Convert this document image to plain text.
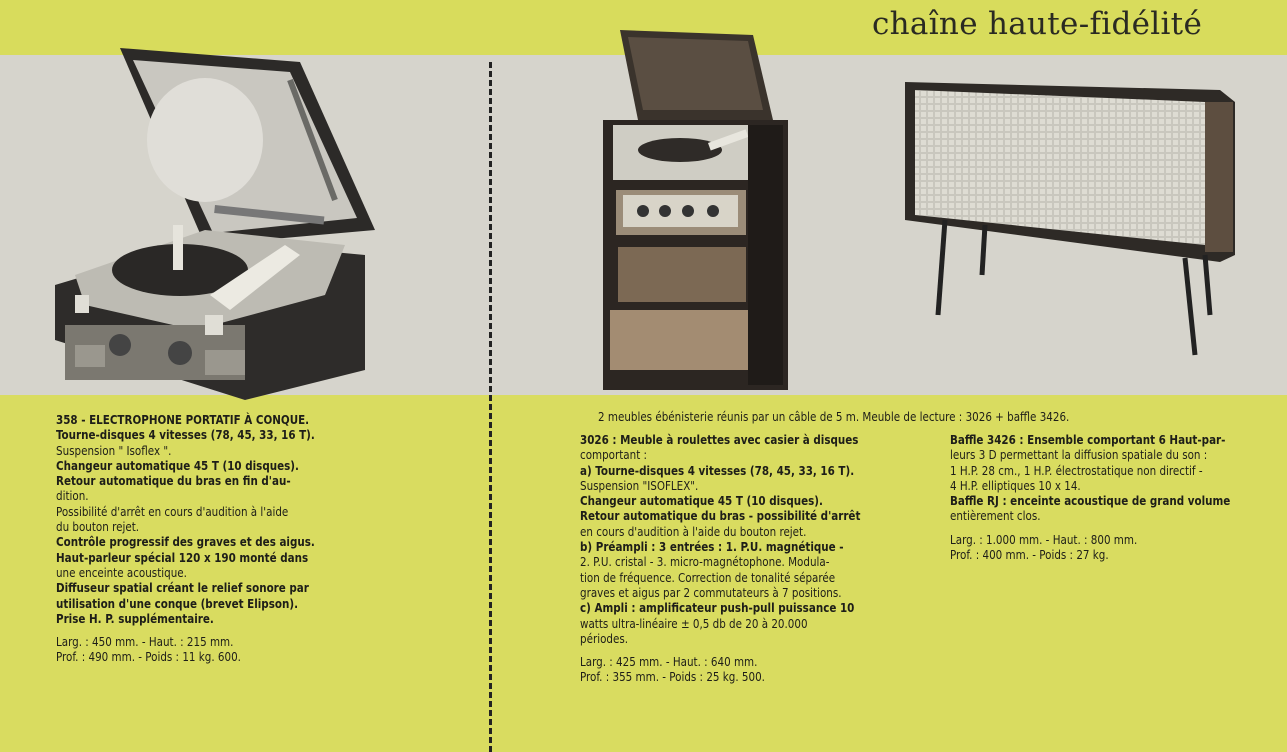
chaîne haute-fidélité

358 - ELECTROPHONE PORTATIF À CONQUE.

Tourne-disques 4 vitesses (78, 45, 33, 16 T).

Suspension " Isoflex ".

Changeur automatique 45 T (10 disques).

Retour automatique du bras en fin d'au-

dition.

Possibilité d'arrêt en cours d'audition à l'aide

du bouton rejet.

Contrôle progressif des graves et des aigus.

Haut-parleur spécial 120 x 190 monté dans

une enceinte acoustique.

Diffuseur spatial créant le relief sonore par

utilisation d'une conque (brevet Elipson).

Prise H. P. supplémentaire.

Larg. : 450 mm. - Haut. : 215 mm.

Prof. : 490 mm. - Poids : 11 kg. 600.

2 meubles ébénisterie réunis par un câble de 5 m. Meuble de lecture : 3026 + baffle 3426.

3026 : Meuble à roulettes avec casier à disques

comportant :

a) Tourne-disques 4 vitesses (78, 45, 33, 16 T).

Suspension "ISOFLEX".

Changeur automatique 45 T (10 disques).

Retour automatique du bras - possibilité d'arrêt

en cours d'audition à l'aide du bouton rejet.

b) Préampli : 3 entrées : 1. P.U. magnétique -

2. P.U. cristal - 3. micro-magnétophone. Modula-

tion de fréquence. Correction de tonalité séparée

graves et aigus par 2 commutateurs à 7 positions.

c) Ampli : amplificateur push-pull puissance 10

watts ultra-linéaire ± 0,5 db de 20 à 20.000

périodes.

Larg. : 425 mm. - Haut. : 640 mm.

Prof. : 355 mm. - Poids : 25 kg. 500.

Baffle 3426 : Ensemble comportant 6 Haut-par-

leurs 3 D permettant la diffusion spatiale du son :

1 H.P. 28 cm., 1 H.P. électrostatique non directif -

4 H.P. elliptiques 10 x 14.

Baffle RJ : enceinte acoustique de grand volume

entièrement clos.

Larg. : 1.000 mm. - Haut. : 800 mm.

Prof. : 400 mm. - Poids : 27 kg.
